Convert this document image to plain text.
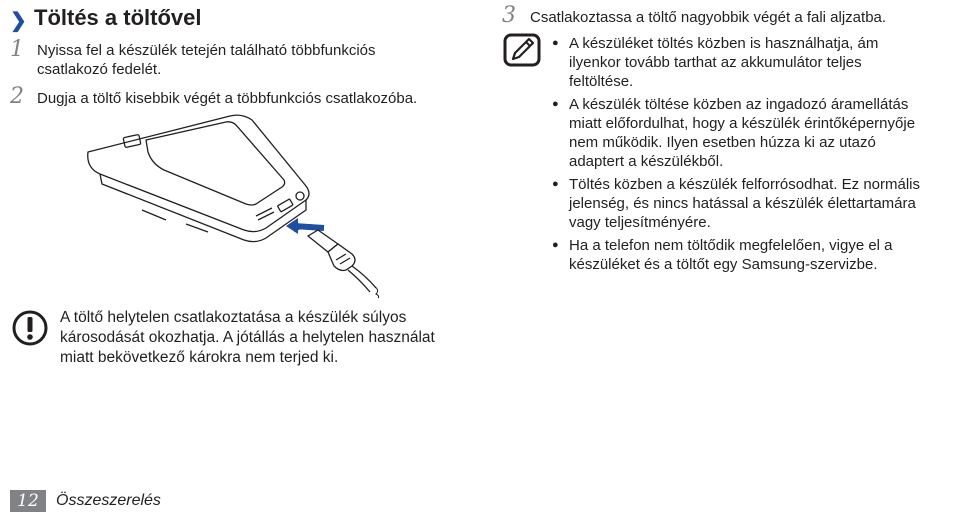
❯ Töltés a töltővel
1 Nyissa fel a készülék tetején található többfunkciós
csatlakozó fedelét.
2 Dugja a töltő kisebbik végét a többfunkciós csatlakozóba.
A töltő helytelen csatlakoztatása a készülék súlyos
károsodását okozhatja. A jótállás a helytelen használat
miatt bekövetkező károkra nem terjed ki.
3 Csatlakoztassa a töltő nagyobbik végét a fali aljzatba.
● A készüléket töltés közben is használhatja, ám
ilyenkor tovább tarthat az akkumulátor teljes
feltöltése.
● A készülék töltése közben az ingadozó áramellátás
miatt előfordulhat, hogy a készülék érintőképernyője
nem működik. Ilyen esetben húzza ki az utazó
adaptert a készülékből.
● Töltés közben a készülék felforrósodhat. Ez normális
jelenség, és nincs hatással a készülék élettartamára
vagy teljesítményére.
● Ha a telefon nem töltődik megfelelően, vigye el a
készüléket és a töltőt egy Samsung-szervizbe.
12	Összeszerelés
